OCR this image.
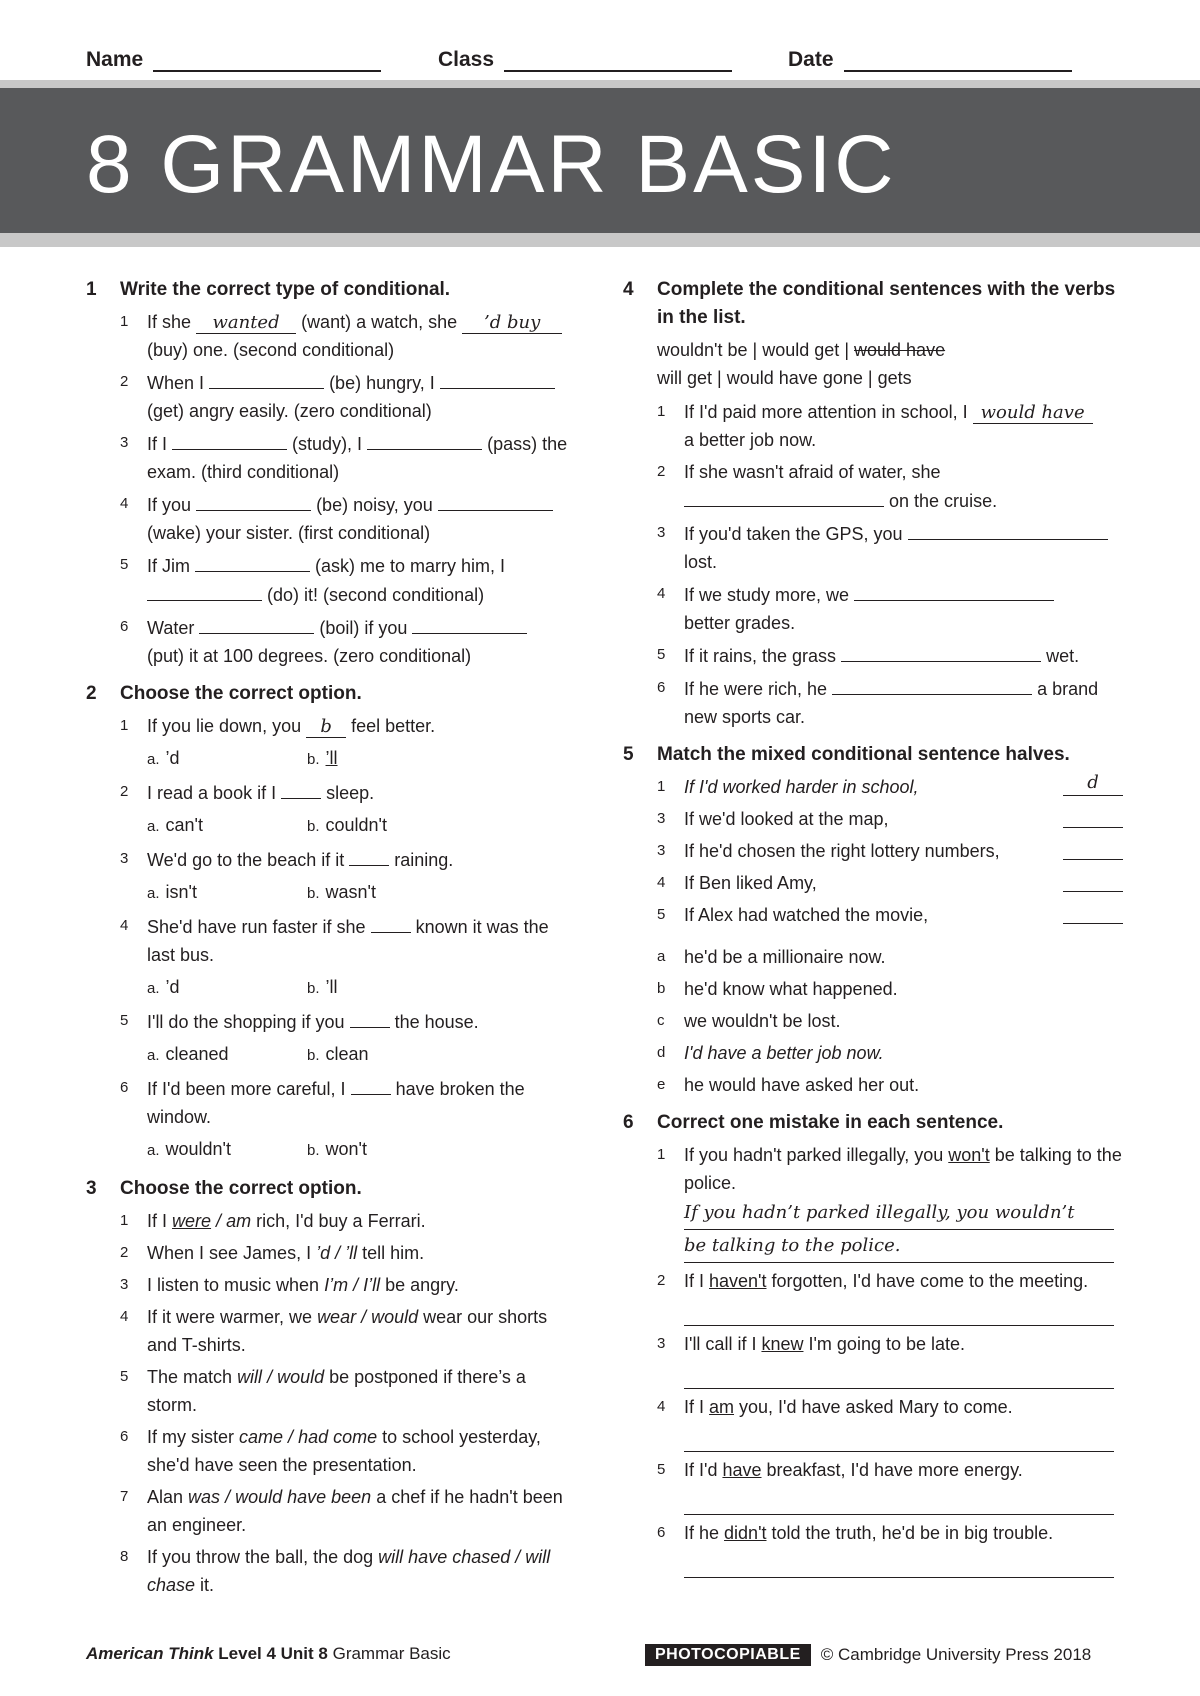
Name	Class	Date
8 GRAMMAR BASIC
1 Write the correct type of conditional.
1 If she wanted (want) a watch, she ’d buy
(buy) one. (second conditional)
2 When I	(be) hungry, I
(get) angry easily. (zero conditional)
3 If I	(study), I	(pass) the exam. (third conditional)
4 If you	(be) noisy, you
(wake) your sister. (first conditional)
5 If Jim	(ask) me to marry him, I
(do) it! (second conditional)
6 Water	(boil) if you
(put) it at 100 degrees. (zero conditional)
2 Choose the correct option.
1 If you lie down, you b feel better.
a. ’d	b. ’ll
2 I read a book if I	sleep.
a. can't	b. couldn't
3 We'd go to the beach if it	raining.
a. isn't	b. wasn't
4 She'd have run faster if she	known it was the last bus.
a. ’d	b. ’ll
5 I'll do the shopping if you	the house.
a. cleaned	b. clean
6 If I'd been more careful, I	have broken the window.
a. wouldn't	b. won't
3 Choose the correct option.
1 If I were / am rich, I'd buy a Ferrari.
2 When I see James, I ’d / ’ll tell him.
3 I listen to music when I’m / I’ll be angry.
4 If it were warmer, we wear / would wear our shorts and T-shirts.
5 The match will / would be postponed if there’s a storm.
6 If my sister came / had come to school yesterday, she'd have seen the presentation.
7 Alan was / would have been a chef if he hadn't been an engineer.
8 If you throw the ball, the dog will have chased / will chase it.
4 Complete the conditional sentences with the verbs in the list.
wouldn't be | would get | would have
will get | would have gone | gets
1 If I'd paid more attention in school, I would have
a better job now.
2 If she wasn't afraid of water, she
on the cruise.
3 If you'd taken the GPS, you
lost.
4 If we study more, we
better grades.
5 If it rains, the grass	wet.
6 If he were rich, he	a brand new sports car.
5 Match the mixed conditional sentence halves.
1 If I'd worked harder in school,	d
3 If we'd looked at the map,
3 If he'd chosen the right lottery numbers,
4 If Ben liked Amy,
5 If Alex had watched the movie,
a he'd be a millionaire now.
b he'd know what happened.
c we wouldn't be lost.
d I'd have a better job now.
e he would have asked her out.
6 Correct one mistake in each sentence.
1 If you hadn't parked illegally, you won't be talking to the police.
If you hadn’t parked illegally, you wouldn’t
be talking to the police.
2 If I haven't forgotten, I'd have come to the meeting.
3 I'll call if I knew I'm going to be late.
4 If I am you, I'd have asked Mary to come.
5 If I'd have breakfast, I'd have more energy.
6 If he didn't told the truth, he'd be in big trouble.
American Think Level 4 Unit 8 Grammar Basic	PHOTOCOPIABLE	© Cambridge University Press 2018
